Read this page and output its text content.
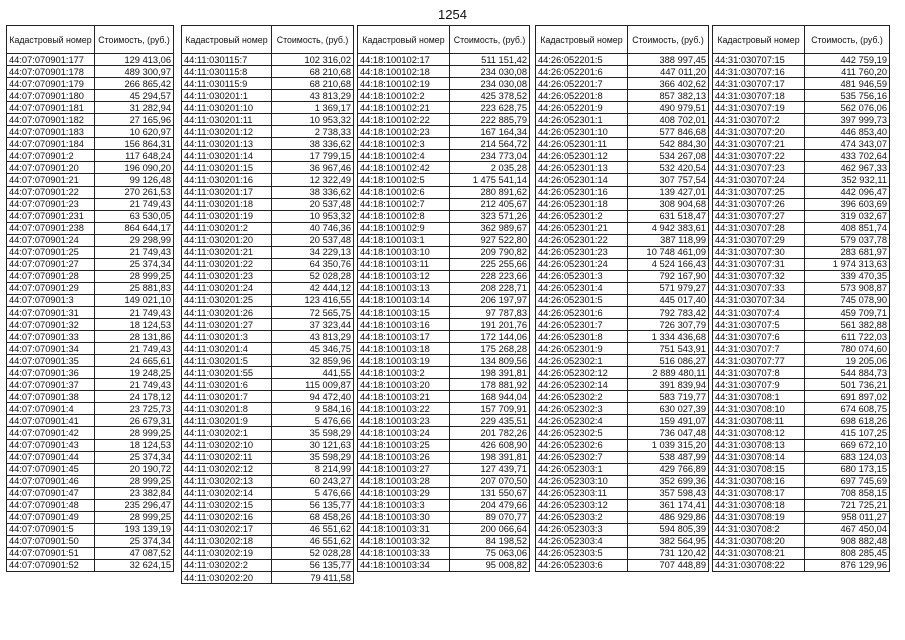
1254
Кадастровый номер	Стоимость, (руб.)
44:07:070901:177	129 413,06
44:07:070901:178	489 300,97
44:07:070901:179	266 865,42
44:07:070901:180	45 294,57
44:07:070901:181	31 282,94
44:07:070901:182	27 165,96
44:07:070901:183	10 620,97
44:07:070901:184	156 864,31
44:07:070901:2	117 648,24
44:07:070901:20	196 090,20
44:07:070901:21	99 126,48
44:07:070901:22	270 261,53
44:07:070901:23	21 749,43
44:07:070901:231	63 530,05
44:07:070901:238	864 644,17
44:07:070901:24	29 298,99
44:07:070901:25	21 749,43
44:07:070901:27	25 374,34
44:07:070901:28	28 999,25
44:07:070901:29	25 881,83
44:07:070901:3	149 021,10
44:07:070901:31	21 749,43
44:07:070901:32	18 124,53
44:07:070901:33	28 131,86
44:07:070901:34	21 749,43
44:07:070901:35	24 665,61
44:07:070901:36	19 248,25
44:07:070901:37	21 749,43
44:07:070901:38	24 178,12
44:07:070901:4	23 725,73
44:07:070901:41	26 679,31
44:07:070901:42	28 999,25
44:07:070901:43	18 124,53
44:07:070901:44	25 374,34
44:07:070901:45	20 190,72
44:07:070901:46	28 999,25
44:07:070901:47	23 382,84
44:07:070901:48	235 296,47
44:07:070901:49	28 999,25
44:07:070901:5	193 139,19
44:07:070901:50	25 374,34
44:07:070901:51	47 087,52
44:07:070901:52	32 624,15
Кадастровый номер	Стоимость, (руб.)
44:11:030115:7	102 316,02
44:11:030115:8	68 210,68
44:11:030115:9	68 210,68
44:11:030201:1	43 813,29
44:11:030201:10	1 369,17
44:11:030201:11	10 953,32
44:11:030201:12	2 738,33
44:11:030201:13	38 336,62
44:11:030201:14	17 799,15
44:11:030201:15	36 967,46
44:11:030201:16	12 322,49
44:11:030201:17	38 336,62
44:11:030201:18	20 537,48
44:11:030201:19	10 953,32
44:11:030201:2	40 746,36
44:11:030201:20	20 537,48
44:11:030201:21	34 229,13
44:11:030201:22	64 350,76
44:11:030201:23	52 028,28
44:11:030201:24	42 444,12
44:11:030201:25	123 416,55
44:11:030201:26	72 565,75
44:11:030201:27	37 323,44
44:11:030201:3	43 813,29
44:11:030201:4	45 346,75
44:11:030201:5	32 859,96
44:11:030201:55	441,55
44:11:030201:6	115 009,87
44:11:030201:7	94 472,40
44:11:030201:8	9 584,16
44:11:030201:9	5 476,66
44:11:030202:1	35 598,29
44:11:030202:10	30 121,63
44:11:030202:11	35 598,29
44:11:030202:12	8 214,99
44:11:030202:13	60 243,27
44:11:030202:14	5 476,66
44:11:030202:15	56 135,77
44:11:030202:16	68 458,26
44:11:030202:17	46 551,62
44:11:030202:18	46 551,62
44:11:030202:19	52 028,28
44:11:030202:2	56 135,77
44:11:030202:20	79 411,58
Кадастровый номер	Стоимость, (руб.)
44:18:100102:17	511 151,42
44:18:100102:18	234 030,08
44:18:100102:19	234 030,08
44:18:100102:2	425 378,52
44:18:100102:21	223 628,75
44:18:100102:22	222 885,79
44:18:100102:23	167 164,34
44:18:100102:3	214 564,72
44:18:100102:4	234 773,04
44:18:100102:42	2 035,28
44:18:100102:5	1 475 541,14
44:18:100102:6	280 891,62
44:18:100102:7	212 405,67
44:18:100102:8	323 571,26
44:18:100102:9	362 989,67
44:18:100103:1	927 522,80
44:18:100103:10	209 790,82
44:18:100103:11	225 255,66
44:18:100103:12	228 223,66
44:18:100103:13	208 228,71
44:18:100103:14	206 197,97
44:18:100103:15	97 787,83
44:18:100103:16	191 201,76
44:18:100103:17	172 144,06
44:18:100103:18	175 268,28
44:18:100103:19	134 809,56
44:18:100103:2	198 391,81
44:18:100103:20	178 881,92
44:18:100103:21	168 944,04
44:18:100103:22	157 709,91
44:18:100103:23	229 435,51
44:18:100103:24	201 782,26
44:18:100103:25	426 608,90
44:18:100103:26	198 391,81
44:18:100103:27	127 439,71
44:18:100103:28	207 070,50
44:18:100103:29	131 550,67
44:18:100103:3	204 479,66
44:18:100103:30	89 070,77
44:18:100103:31	200 066,64
44:18:100103:32	84 198,52
44:18:100103:33	75 063,06
44:18:100103:34	95 008,82
Кадастровый номер	Стоимость, (руб.)
44:26:052201:5	388 997,45
44:26:052201:6	447 011,20
44:26:052201:7	366 402,62
44:26:052201:8	857 382,13
44:26:052201:9	490 979,51
44:26:052301:1	408 702,01
44:26:052301:10	577 846,68
44:26:052301:11	542 884,30
44:26:052301:12	534 267,08
44:26:052301:13	532 420,54
44:26:052301:14	307 757,54
44:26:052301:16	139 427,01
44:26:052301:18	308 904,68
44:26:052301:2	631 518,47
44:26:052301:21	4 942 383,61
44:26:052301:22	387 118,99
44:26:052301:23	10 748 461,09
44:26:052301:24	4 524 166,43
44:26:052301:3	792 167,90
44:26:052301:4	571 979,27
44:26:052301:5	445 017,40
44:26:052301:6	792 783,42
44:26:052301:7	726 307,79
44:26:052301:8	1 334 436,68
44:26:052301:9	751 543,91
44:26:052302:1	516 086,27
44:26:052302:12	2 889 480,11
44:26:052302:14	391 839,94
44:26:052302:2	583 719,77
44:26:052302:3	630 027,39
44:26:052302:4	159 491,07
44:26:052302:5	736 047,48
44:26:052302:6	1 039 315,20
44:26:052302:7	538 487,99
44:26:052303:1	429 766,89
44:26:052303:10	352 699,36
44:26:052303:11	357 598,43
44:26:052303:12	361 174,41
44:26:052303:2	486 929,86
44:26:052303:3	594 805,39
44:26:052303:4	382 564,95
44:26:052303:5	731 120,42
44:26:052303:6	707 448,89
Кадастровый номер	Стоимость, (руб.)
44:31:030707:15	442 759,19
44:31:030707:16	411 760,20
44:31:030707:17	481 946,59
44:31:030707:18	535 756,16
44:31:030707:19	562 076,06
44:31:030707:2	397 999,73
44:31:030707:20	446 853,40
44:31:030707:21	474 343,07
44:31:030707:22	433 702,64
44:31:030707:23	462 967,33
44:31:030707:24	352 932,11
44:31:030707:25	442 096,47
44:31:030707:26	396 603,69
44:31:030707:27	319 032,67
44:31:030707:28	408 851,74
44:31:030707:29	579 037,78
44:31:030707:30	283 681,97
44:31:030707:31	1 974 313,63
44:31:030707:32	339 470,35
44:31:030707:33	573 908,87
44:31:030707:34	745 078,90
44:31:030707:4	459 709,71
44:31:030707:5	561 382,88
44:31:030707:6	611 722,03
44:31:030707:7	780 074,60
44:31:030707:77	19 205,06
44:31:030707:8	544 884,73
44:31:030707:9	501 736,21
44:31:030708:1	691 897,02
44:31:030708:10	674 608,75
44:31:030708:11	698 618,26
44:31:030708:12	415 107,25
44:31:030708:13	669 672,10
44:31:030708:14	683 124,03
44:31:030708:15	680 173,15
44:31:030708:16	697 745,69
44:31:030708:17	708 858,15
44:31:030708:18	721 725,21
44:31:030708:19	958 011,27
44:31:030708:2	467 450,04
44:31:030708:20	908 882,48
44:31:030708:21	808 285,45
44:31:030708:22	876 129,96
